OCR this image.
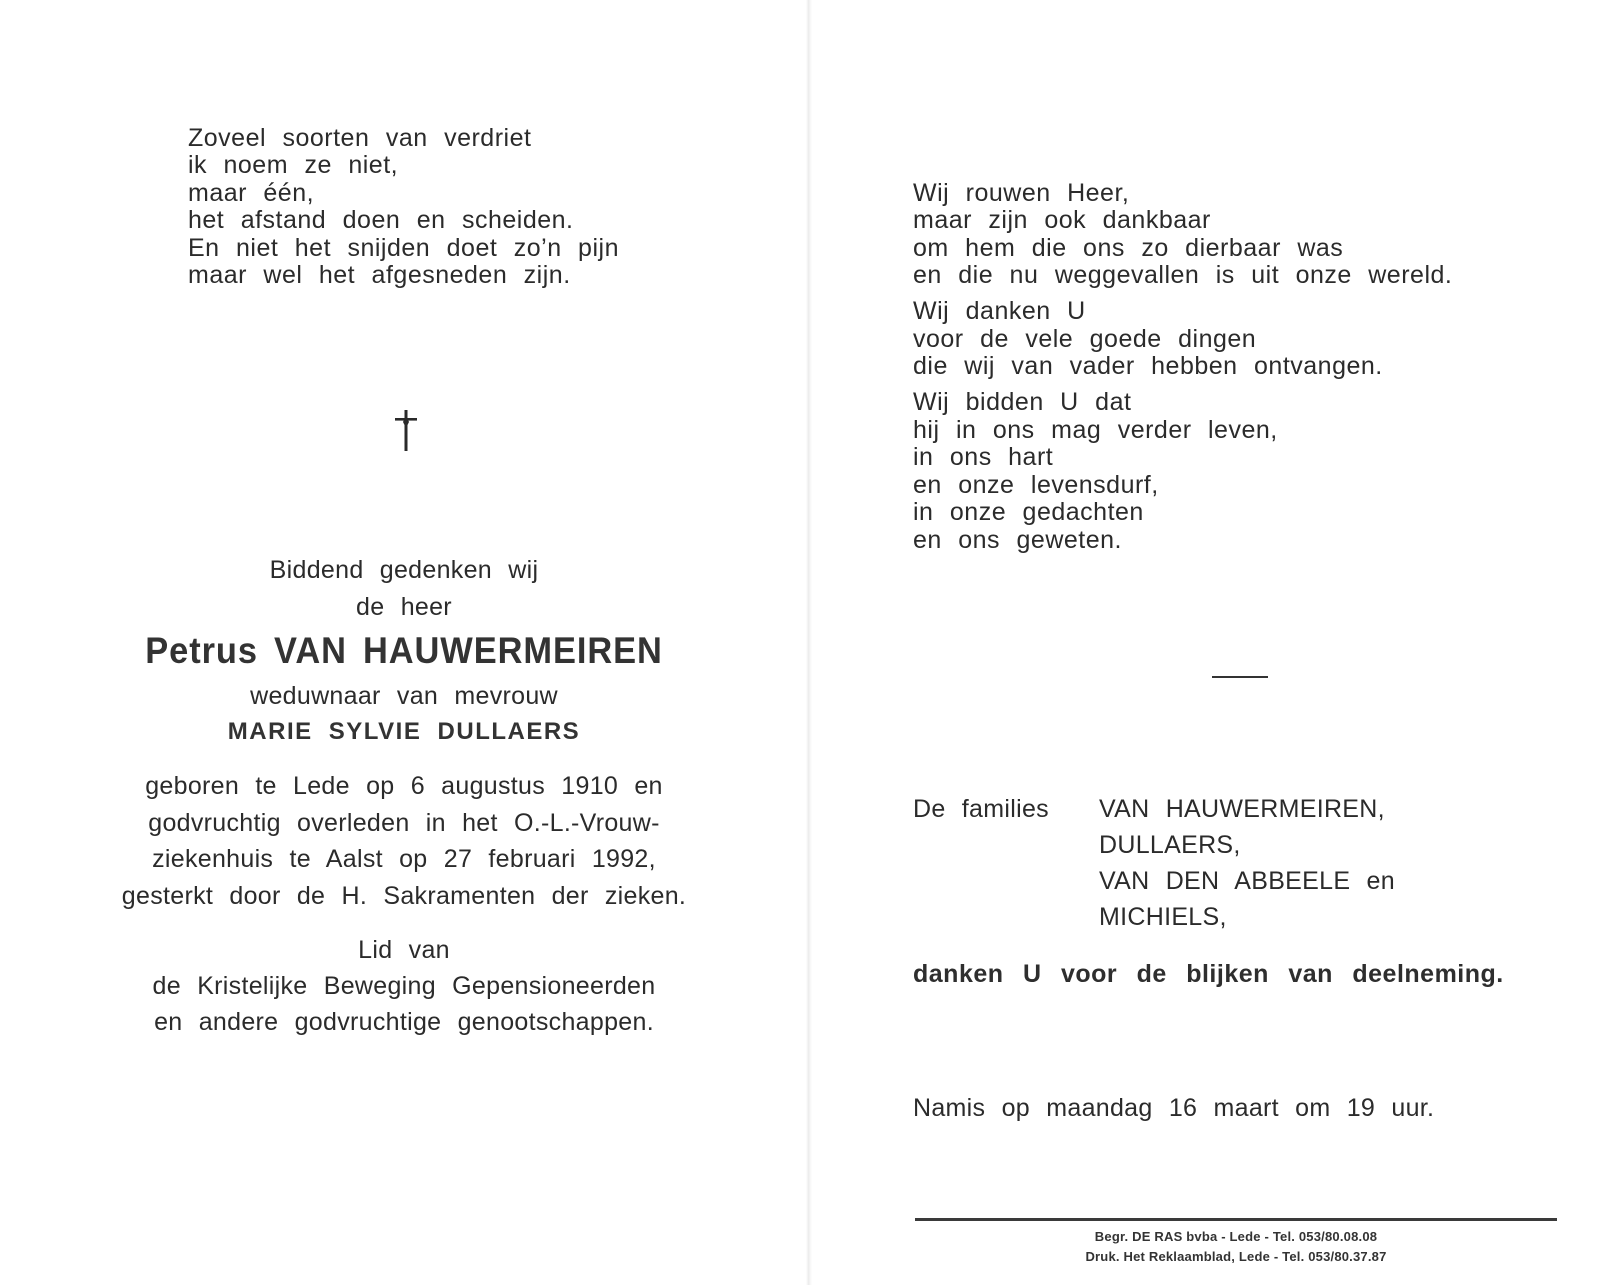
Zoveel soorten van verdriet
ik noem ze niet,
maar één,
het afstand doen en scheiden.
En niet het snijden doet zo’n pijn
maar wel het afgesneden zijn.
Biddend gedenken wij
de heer
Petrus VAN HAUWERMEIREN
weduwnaar van mevrouw
MARIE SYLVIE DULLAERS
geboren te Lede op 6 augustus 1910 en
godvruchtig overleden in het O.-L.-Vrouw-
ziekenhuis te Aalst op 27 februari 1992,
gesterkt door de H. Sakramenten der zieken.
Lid van
de Kristelijke Beweging Gepensioneerden
en andere godvruchtige genootschappen.
Wij rouwen Heer,
maar zijn ook dankbaar
om hem die ons zo dierbaar was
en die nu weggevallen is uit onze wereld.
Wij danken U
voor de vele goede dingen
die wij van vader hebben ontvangen.
Wij bidden U dat
hij in ons mag verder leven,
in ons hart
en onze levensdurf,
in onze gedachten
en ons geweten.
De families VAN HAUWERMEIREN,
DULLAERS,
VAN DEN ABBEELE en
MICHIELS,
danken U voor de blijken van deelneming.
Namis op maandag 16 maart om 19 uur.
Begr. DE RAS bvba - Lede - Tel. 053/80.08.08
Druk. Het Reklaamblad, Lede - Tel. 053/80.37.87
